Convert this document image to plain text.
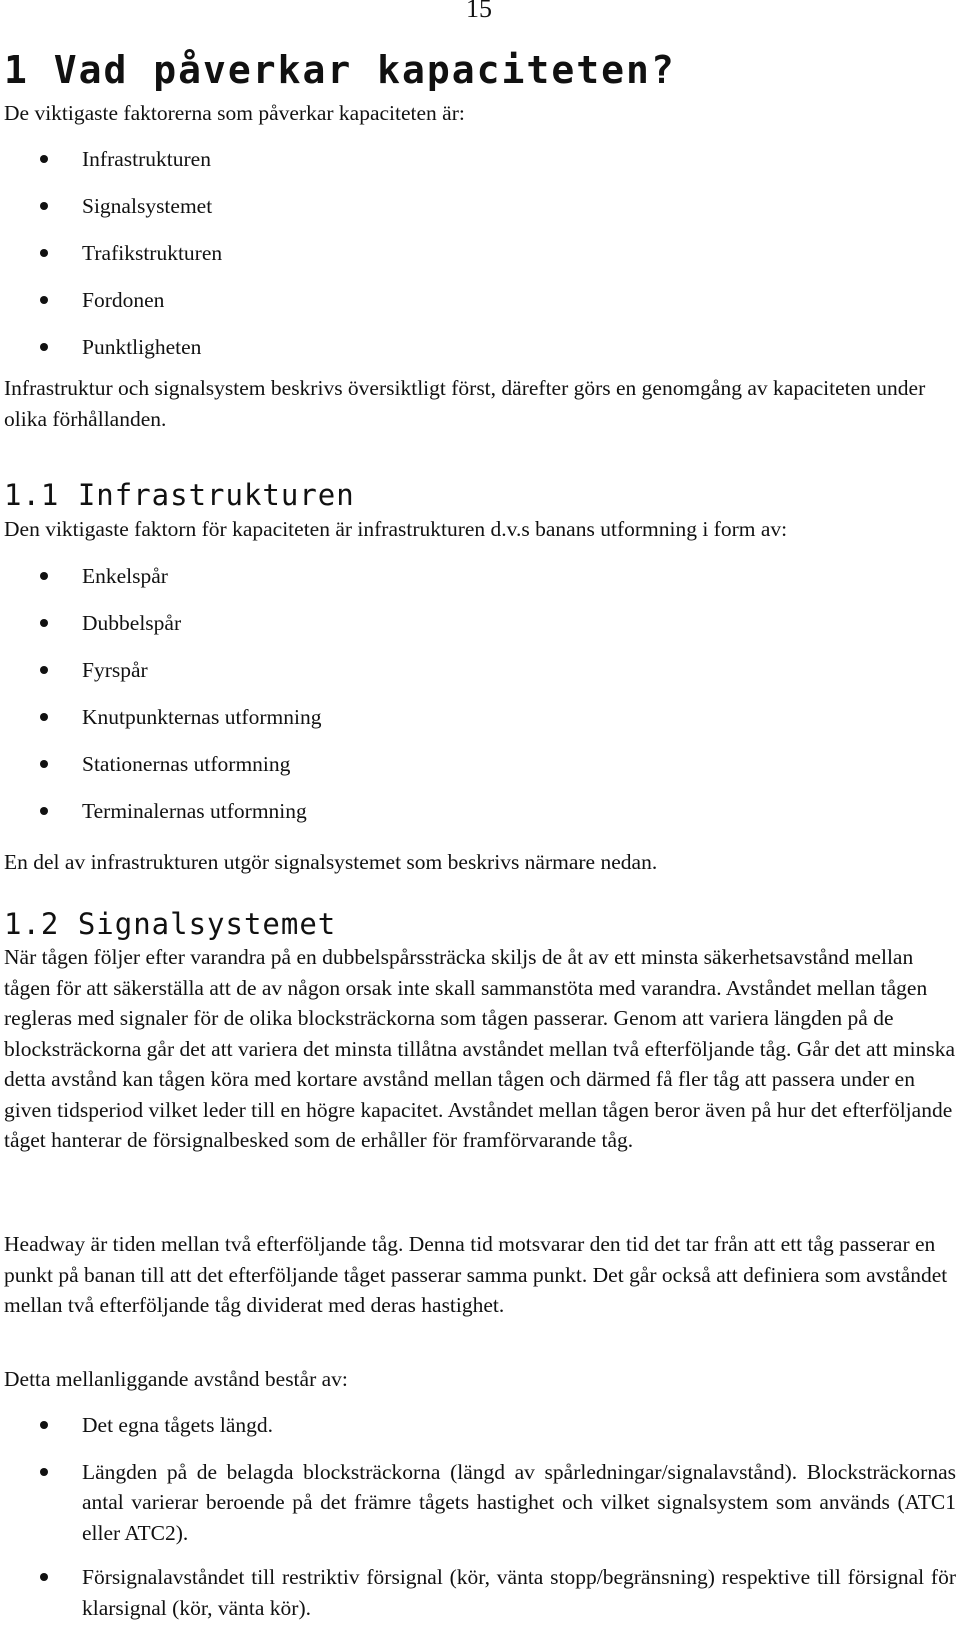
15
1 Vad påverkar kapaciteten?

De viktigaste faktorerna som påverkar kapaciteten är:

Infrastrukturen
Signalsystemet
Trafikstrukturen
Fordonen
Punktligheten

Infrastruktur och signalsystem beskrivs översiktligt först, därefter görs en genomgång av kapaciteten under olika förhållanden.

1.1 Infrastrukturen

Den viktigaste faktorn för kapaciteten är infrastrukturen d.v.s banans utformning i form av:

Enkelspår
Dubbelspår
Fyrspår
Knutpunkternas utformning
Stationernas utformning
Terminalernas utformning

En del av infrastrukturen utgör signalsystemet som beskrivs närmare nedan.

1.2 Signalsystemet

När tågen följer efter varandra på en dubbelspårssträcka skiljs de åt av ett minsta säkerhetsavstånd mellan tågen för att säkerställa att de av någon orsak inte skall sammanstöta med varandra. Avståndet mellan tågen regleras med signaler för de olika blocksträckorna som tågen passerar. Genom att variera längden på de blocksträckorna går det att variera det minsta tillåtna avståndet mellan två efterföljande tåg. Går det att minska detta avstånd kan tågen köra med kortare avstånd mellan tågen och därmed få fler tåg att passera under en given tidsperiod vilket leder till en högre kapacitet. Avståndet mellan tågen beror även på hur det efterföljande tåget hanterar de försignalbesked som de erhåller för framförvarande tåg.

Headway är tiden mellan två efterföljande tåg. Denna tid motsvarar den tid det tar från att ett tåg passerar en punkt på banan till att det efterföljande tåget passerar samma punkt. Det går också att definiera som avståndet mellan två efterföljande tåg dividerat med deras hastighet.

Detta mellanliggande avstånd består av:

Det egna tågets längd.
Längden på de belagda blocksträckorna (längd av spårledningar/signalavstånd). Blocksträckornas antal varierar beroende på det främre tågets hastighet och vilket signalsystem som används (ATC1 eller ATC2).
Försignalavståndet till restriktiv försignal (kör, vänta stopp/begränsning) respektive till försignal för klarsignal (kör, vänta kör).
